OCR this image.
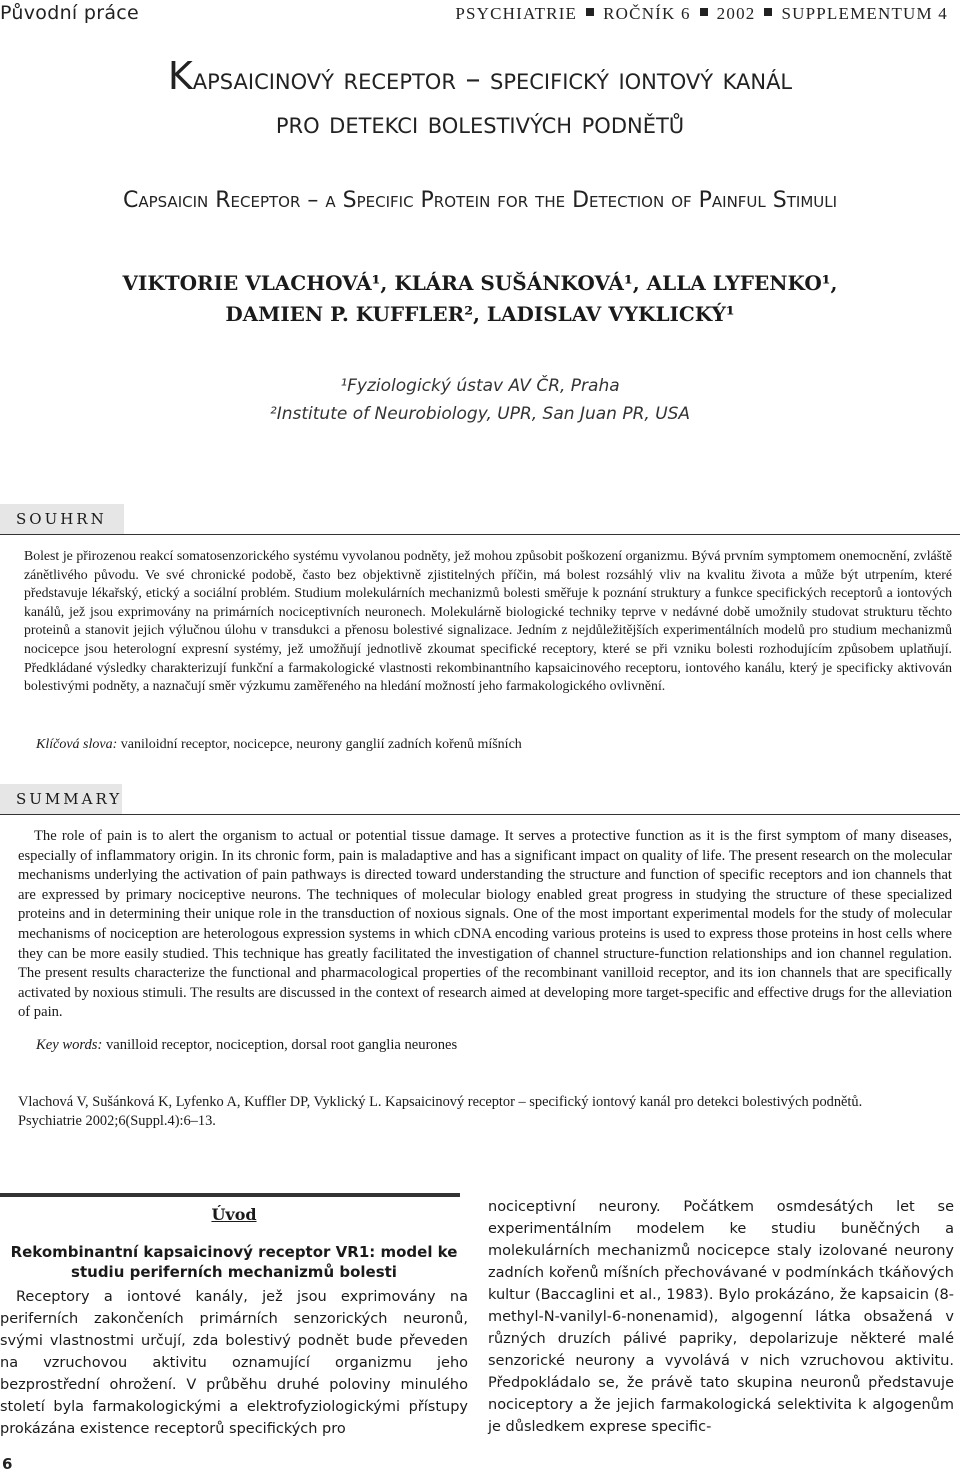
Původní práce	PSYCHIATRIE ROČNÍK 6 2002 SUPPLEMENTUM 4
Kapsaicinový receptor – specifický iontový kanál
pro detekci bolestivých podnětů
Capsaicin Receptor – a Specific Protein for the Detection of Painful Stimuli
VIKTORIE VLACHOVÁ¹, KLÁRA SUŠÁNKOVÁ¹, ALLA LYFENKO¹,
DAMIEN P. KUFFLER², LADISLAV VYKLICKÝ¹
¹Fyziologický ústav AV ČR, Praha
²Institute of Neurobiology, UPR, San Juan PR, USA
SOUHRN

Bolest je přirozenou reakcí somatosenzorického systému vyvolanou podněty, jež mohou způsobit poškození organizmu. Bývá prvním symptomem onemocnění, zvláště zánětlivého původu. Ve své chronické podobě, často bez objektivně zjistitelných příčin, má bolest rozsáhlý vliv na kvalitu života a může být utrpením, které představuje lékařský, etický a sociální problém. Studium molekulárních mechanizmů bolesti směřuje k poznání struktury a funkce specifických receptorů a iontových kanálů, jež jsou exprimovány na primárních nociceptivních neuronech. Molekulárně biologické techniky teprve v nedávné době umožnily studovat strukturu těchto proteinů a stanovit jejich výlučnou úlohu v transdukci a přenosu bolestivé signalizace. Jedním z nejdůležitějších experimentálních modelů pro studium mechanizmů nocicepce jsou heterologní expresní systémy, jež umožňují jednotlivě zkoumat specifické receptory, které se při vzniku bolesti rozhodujícím způsobem uplatňují. Předkládané výsledky charakterizují funkční a farmakologické vlastnosti rekombinantního kapsaicinového receptoru, iontového kanálu, který je specificky aktivován bolestivými podněty, a naznačují směr výzkumu zaměřeného na hledání možností jeho farmakologického ovlivnění.

Klíčová slova: vaniloidní receptor, nocicepce, neurony ganglií zadních kořenů míšních

SUMMARY

The role of pain is to alert the organism to actual or potential tissue damage. It serves a protective function as it is the first symptom of many diseases, especially of inflammatory origin. In its chronic form, pain is maladaptive and has a significant impact on quality of life. The present research on the molecular mechanisms underlying the activation of pain pathways is directed toward understanding the structure and function of specific receptors and ion channels that are expressed by primary nociceptive neurons. The techniques of molecular biology enabled great progress in studying the structure of these specialized proteins and in determining their unique role in the transduction of noxious signals. One of the most important experimental models for the study of molecular mechanisms of nociception are heterologous expression systems in which cDNA encoding various proteins is used to express those proteins in host cells where they can be more easily studied. This technique has greatly facilitated the investigation of channel structure-function relationships and ion channel regulation. The present results characterize the functional and pharmacological properties of the recombinant vanilloid receptor, and its ion channels that are specifically activated by noxious stimuli. The results are discussed in the context of research aimed at developing more target-specific and effective drugs for the alleviation of pain.

Key words: vanilloid receptor, nociception, dorsal root ganglia neurones

Vlachová V, Sušánková K, Lyfenko A, Kuffler DP, Vyklický L. Kapsaicinový receptor – specifický iontový kanál pro detekci bolestivých podnětů.
Psychiatrie 2002;6(Suppl.4):6–13.

Úvod

Rekombinantní kapsaicinový receptor VR1: model ke studiu periferních mechanizmů bolesti

Receptory a iontové kanály, jež jsou exprimovány na periferních zakončeních primárních senzorických neuronů, svými vlastnostmi určují, zda bolestivý podnět bude převeden na vzruchovou aktivitu oznamující organizmu jeho bezprostřední ohrožení. V průběhu druhé poloviny minulého století byla farmakologickými a elektrofyziologickými přístupy prokázána existence receptorů specifických pro

nociceptivní neurony. Počátkem osmdesátých let se experimentálním modelem ke studiu buněčných a molekulárních mechanizmů nocicepce staly izolované neurony zadních kořenů míšních přechovávané v podmínkách tkáňových kultur (Baccaglini et al., 1983). Bylo prokázáno, že kapsaicin (8-methyl-N-vanilyl-6-nonenamid), algogenní látka obsažená v různých druzích pálivé papriky, depolarizuje některé malé senzorické neurony a vyvolává v nich vzruchovou aktivitu. Předpokládalo se, že právě tato skupina neuronů představuje nociceptory a že jejich farmakologická selektivita k algogenům je důsledkem exprese specific-

6
